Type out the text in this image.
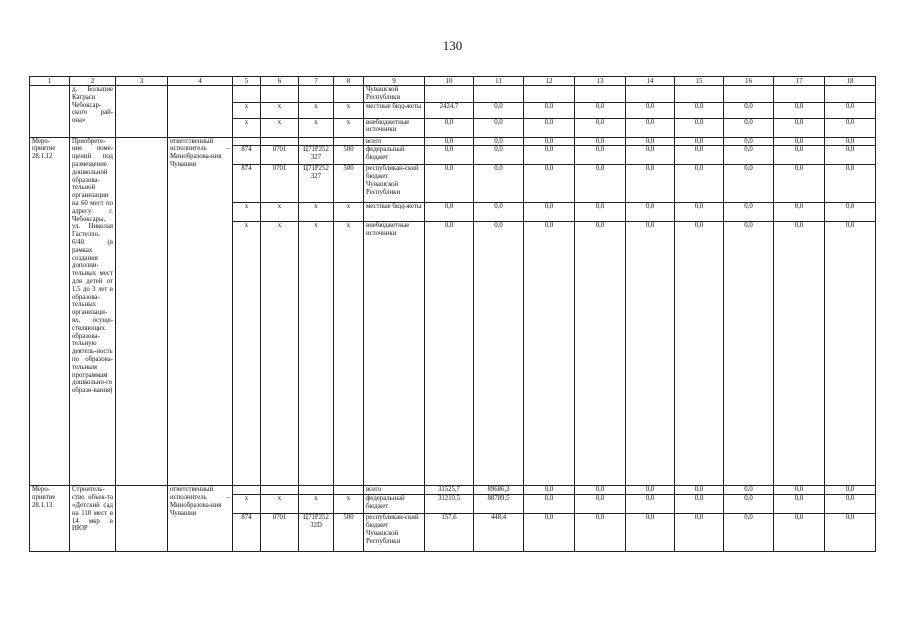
130
1	2	3	4	5	6	7	8	9	10	11	12	13	14	15	16	17	18
	д. Большие Катраси Чебоксар-ского рай-она»							Чувашской Республики									
				x	x	x	x	местные бюд-жеты	2424,7	0,0	0,0	0,0	0,0	0,0	0,0	0,0	0,0
				x	x	x	x	внебюджетные источники	0,0	0,0	0,0	0,0	0,0	0,0	0,0	0,0	0,0
Меро-приятие 28.1.12	Приобрете-ние поме-щений под размещение дошкольной образова-тельной организации на 60 мест по адресу: г. Чебоксары, ул. Николая Гастелло, 6/40 (в рамках создания дополни-тельных мест для детей от 1,5 до 3 лет в образова-тельных организаци-ях, осуще-ствляющих образова-тельную деятель-ность по образова-тельным программам дошкольно-го образо-вания)		ответственный исполнитель – Минобразова-ния Чувашии					всего	0,0	0,0	0,0	0,0	0,0	0,0	0,0	0,0	0,0
				874	0701	Ц71Р252 327	500	федеральный бюджет	0,0	0,0	0,0	0,0	0,0	0,0	0,0	0,0	0,0
				874	0701	Ц71Р252 327	500	республикан-ский бюджет Чувашской Республики	0,0	0,0	0,0	0,0	0,0	0,0	0,0	0,0	0,0
				x	x	x	x	местные бюд-жеты	0,0	0,0	0,0	0,0	0,0	0,0	0,0	0,0	0,0
				x	x	x	x	внебюджетные источники	0,0	0,0	0,0	0,0	0,0	0,0	0,0	0,0	0,0
Меро-приятие 28.1.13	Строитель-ство объек-та «Детский сад на 110 мест в 14 мкр в НЮР		ответственный исполнитель – Минобразова-ния Чувашии					всего	31525,7	89686,3	0,0	0,0	0,0	0,0	0,0	0,0	0,0
				x	x	x	x	федеральный бюджет	31210,5	88789,5	0,0	0,0	0,0	0,0	0,0	0,0	0,0
				874	0701	Ц71Р252 32D	500	республикан-ский бюджет Чувашской Республики	157,6	448,4	0,0	0,0	0,0	0,0	0,0	0,0	0,0
